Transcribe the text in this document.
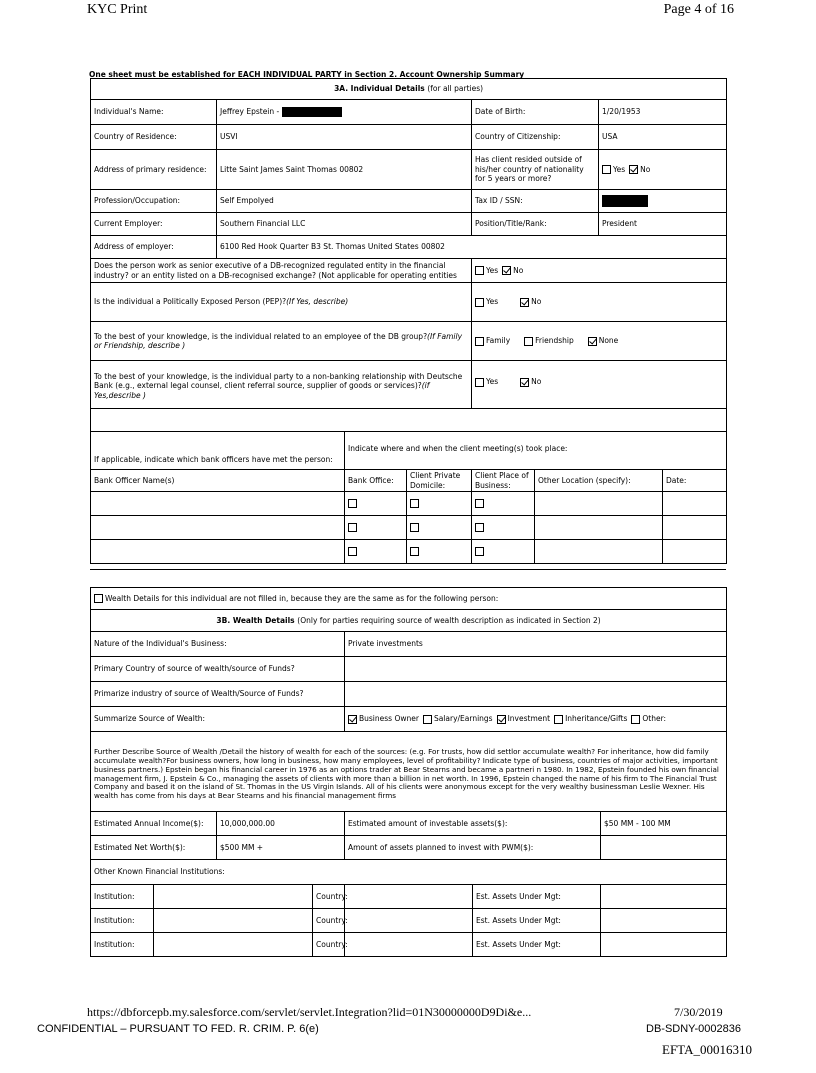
KYC Print	Page 4 of 16
One sheet must be established for EACH INDIVIDUAL PARTY in Section 2. Account Ownership Summary
3A. Individual Details (for all parties)							
Individual's Name:	Jeffrey Epstein -			Date of Birth:		1/20/1953	
Country of Residence:	USVI			Country of Citizenship:		USA	
Address of primary residence:	Litte Saint James Saint Thomas 00802			Has client resided outside of his/her country of nationality for 5 years or more?		Yes No	
Profession/Occupation:	Self Empolyed			Tax ID / SSN:			
Current Employer:	Southern Financial LLC			Position/Title/Rank:		President	
Address of employer:	6100 Red Hook Quarter B3 St. Thomas United States 00802						
Does the person work as senior executive of a DB-recognized regulated entity in the financial industry? or an entity listed on a DB-recognised exchange? (Not applicable for operating entities				Yes No			
Is the individual a Politically Exposed Person (PEP)?(If Yes, describe)				Yes No			
To the best of your knowledge, is the individual related to an employee of the DB group?(If Family or Friendship, describe )				Family Friendship None			
To the best of your knowledge, is the individual party to a non-banking relationship with Deutsche Bank (e.g., external legal counsel, client referral source, supplier of goods or services)?(if Yes,describe )				Yes No			

If applicable, indicate which bank officers have met the person:		Indicate where and when the client meeting(s) took place:					
Bank Officer Name(s)		Bank Office:	Client Private Domicile:	Client Place of Business:	Other Location (specify):		Date:

Wealth Details for this individual are not filled in, because they are the same as for the following person:						
3B. Wealth Details (Only for parties requiring source of wealth description as indicated in Section 2)						
Nature of the Individual's Business:				Private investments		
Primary Country of source of wealth/source of Funds?						
Primarize industry of source of Wealth/Source of Funds?						
Summarize Source of Wealth:				Business Owner Salary/Earnings Investment Inheritance/Gifts Other:		
Further Describe Source of Wealth /Detail the history of wealth for each of the sources: (e.g. For trusts, how did settlor accumulate wealth? For inheritance, how did family accumulate wealth?For business owners, how long in business, how many employees, level of profitability? Indicate type of business, countries of major activities, important business partners.) Epstein began his financial career in 1976 as an options trader at Bear Stearns and became a partneri n 1980. In 1982, Epstein founded his own financial management firm, J. Epstein & Co., managing the assets of clients with more than a billion in net worth. In 1996, Epstein changed the name of his firm to The Financial Trust Company and based it on the island of St. Thomas in the US Virgin Islands. All of his clients were anonymous except for the very wealthy businessman Leslie Wexner. His wealth has come from his days at Bear Stearns and his financial management firms						
Estimated Annual Income($):		10,000,000.00		Estimated amount of investable assets($):		$50 MM - 100 MM
Estimated Net Worth($):		$500 MM +		Amount of assets planned to invest with PWM($):		
Other Known Financial Institutions:						
Institution:			Country:		Est. Assets Under Mgt:	
Institution:			Country:		Est. Assets Under Mgt:	
Institution:			Country:		Est. Assets Under Mgt:	
https://dbforcepb.my.salesforce.com/servlet/servlet.Integration?lid=01N30000000D9Di&e...	7/30/2019
CONFIDENTIAL – PURSUANT TO FED. R. CRIM. P. 6(e)	DB-SDNY-0002836
EFTA_00016310
